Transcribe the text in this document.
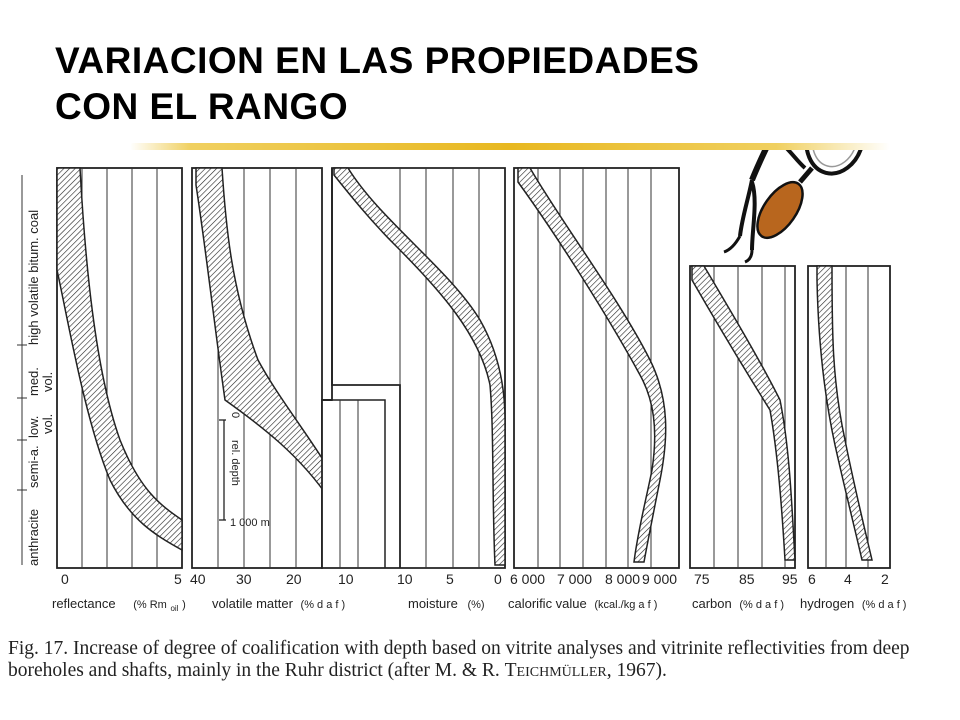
VARIACION EN LAS PROPIEDADES
CON EL RANGO
high volatile bitum. coal
med. vol.
low. vol.
semi-a.
anthracite
0
rel. depth
1 000 m
0	5 40 30 20	10	10 5	0 6 000 7 000 8 000 9 000 75 85 95 6 4 2
reflectance (% Rm $_{oil}$ ) volatile matter (% d a f )	moisture (%) calorific value (kcal./kg a f )	carbon (% d a f ) hydrogen (% d a f )
Fig. 17. Increase of degree of coalification with depth based on vitrite analyses and vitrinite reflectivities from deep boreholes and shafts, mainly in the Ruhr district (after M. & R. Teichmüller, 1967).
